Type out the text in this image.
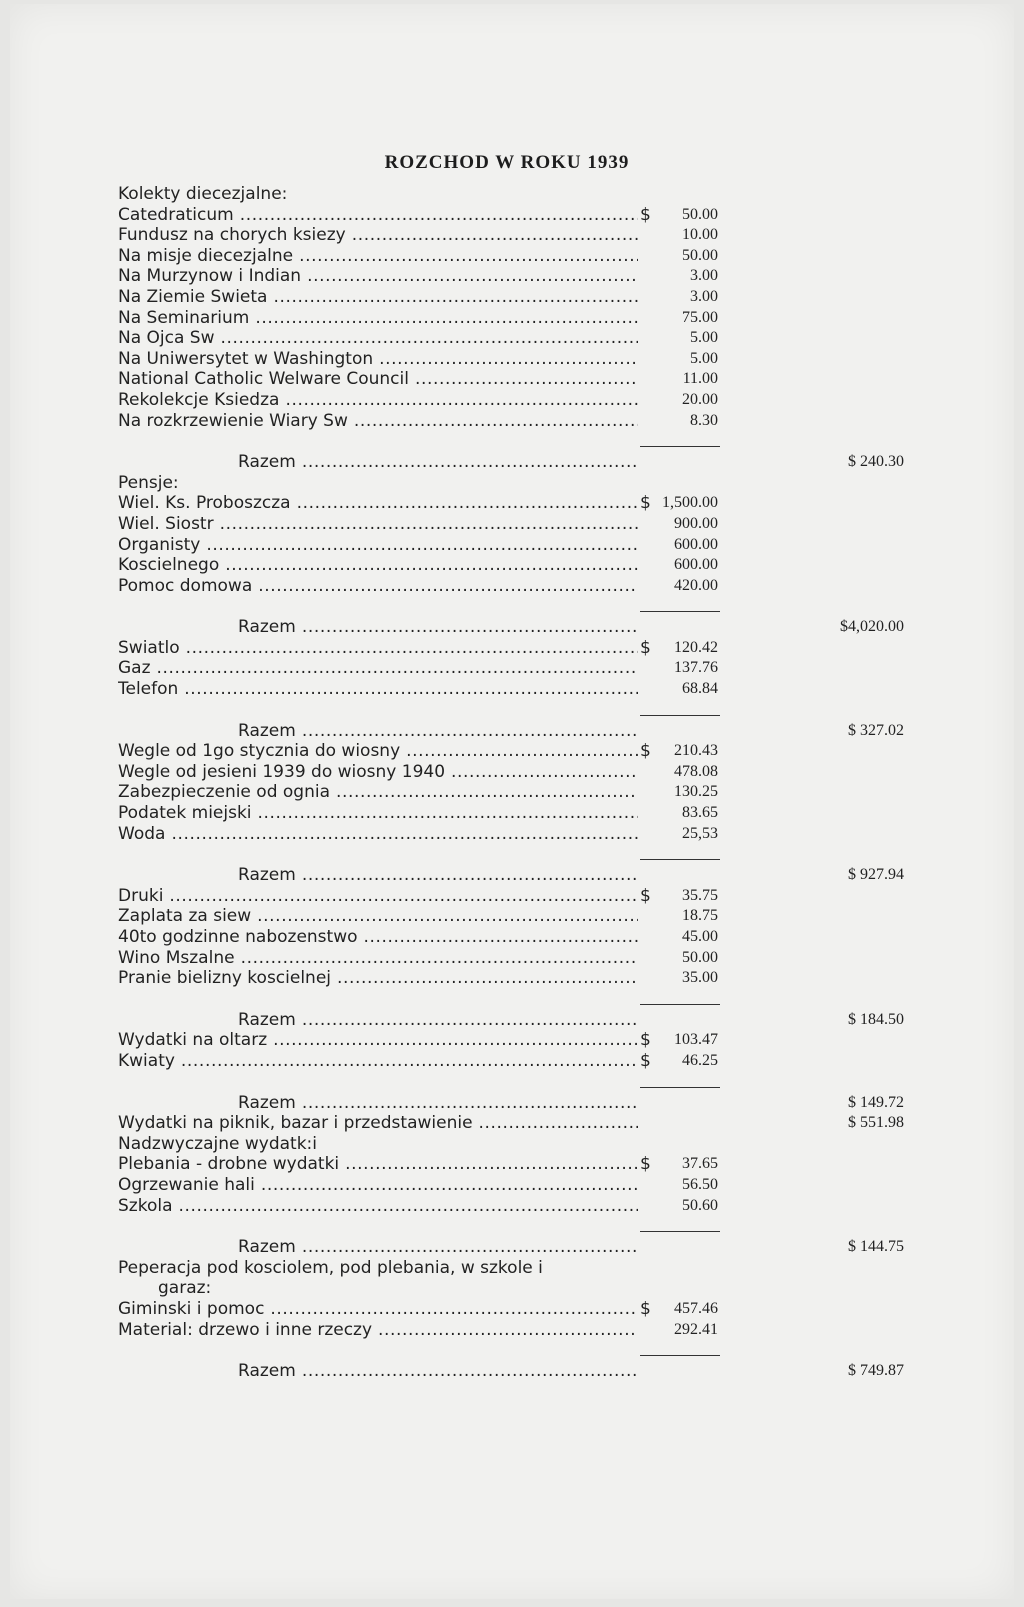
ROZCHOD W ROKU 1939
Kolekty diecezjalne:
Catedraticum .....	$	50.00
Fundusz na chorych ksiezy .....	10.00
Na misje diecezjalne .....	50.00
Na Murzynow i Indian .....	3.00
Na Ziemie Swieta .....	3.00
Na Seminarium .....	75.00
Na Ojca Sw .....	5.00
Na Uniwersytet w Washington .....	5.00
National Catholic Welware Council .....	11.00
Rekolekcje Ksiedza .....	20.00
Na rozkrzewienie Wiary Sw .....	8.30
Razem .....	$ 240.30
Pensje:
Wiel. Ks. Proboszcza .....	$ 1,500.00
Wiel. Siostr .....	900.00
Organisty .....	600.00
Koscielnego .....	600.00
Pomoc domowa .....	420.00
Razem .....	$4,020.00
Swiatlo .....	$	120.42
Gaz .....	137.76
Telefon .....	68.84
Razem .....	$ 327.02
Wegle od 1go stycznia do wiosny .....	$	210.43
Wegle od jesieni 1939 do wiosny 1940 .....	478.08
Zabezpieczenie od ognia .....	130.25
Podatek miejski .....	83.65
Woda .....	25,53
Razem .....	$ 927.94
Druki .....	$	35.75
Zaplata za siew .....	18.75
40to godzinne nabozenstwo .....	45.00
Wino Mszalne .....	50.00
Pranie bielizny koscielnej .....	35.00
Razem .....	$ 184.50
Wydatki na oltarz .....	$	103.47
Kwiaty .....	$	46.25
Razem .....	$ 149.72
Wydatki na piknik, bazar i przedstawienie .....	$ 551.98
Nadzwyczajne wydatk:i
Plebania - drobne wydatki .....	$	37.65
Ogrzewanie hali .....	56.50
Szkola .....	50.60
Razem .....	$ 144.75
Peperacja pod kosciolem, pod plebania, w szkole i
garaz:
Giminski i pomoc .....	$	457.46
Material: drzewo i inne rzeczy .....	292.41
Razem .....	$ 749.87
